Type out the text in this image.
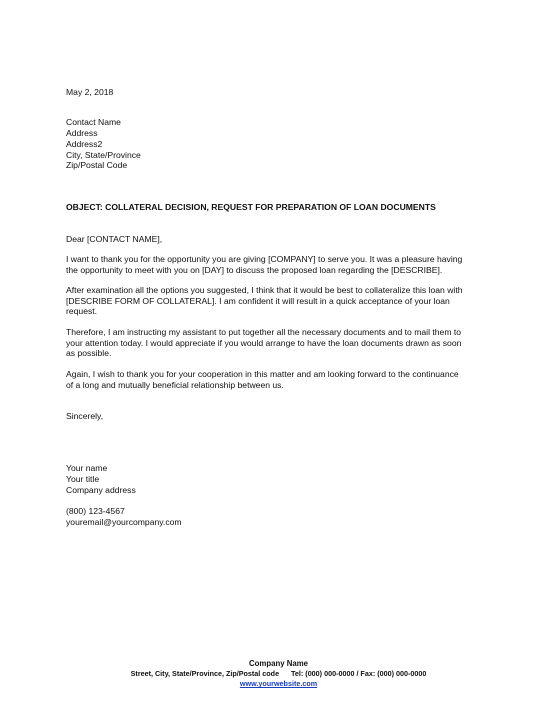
May 2, 2018
Contact Name
Address
Address2
City, State/Province
Zip/Postal Code
OBJECT: COLLATERAL DECISION, REQUEST FOR PREPARATION OF LOAN DOCUMENTS
Dear [CONTACT NAME],
I want to thank you for the opportunity you are giving [COMPANY] to serve you. It was a pleasure having
the opportunity to meet with you on [DAY] to discuss the proposed loan regarding the [DESCRIBE].
After examination all the options you suggested, I think that it would be best to collateralize this loan with
[DESCRIBE FORM OF COLLATERAL]. I am confident it will result in a quick acceptance of your loan
request.
Therefore, I am instructing my assistant to put together all the necessary documents and to mail them to
your attention today. I would appreciate if you would arrange to have the loan documents drawn as soon
as possible.
Again, I wish to thank you for your cooperation in this matter and am looking forward to the continuance
of a long and mutually beneficial relationship between us.
Sincerely,
Your name
Your title
Company address
(800) 123-4567
youremail@yourcompany.com
Company Name
Street, City, State/Province, Zip/Postal code      Tel: (000) 000-0000 / Fax: (000) 000-0000
www.yourwebsite.com
